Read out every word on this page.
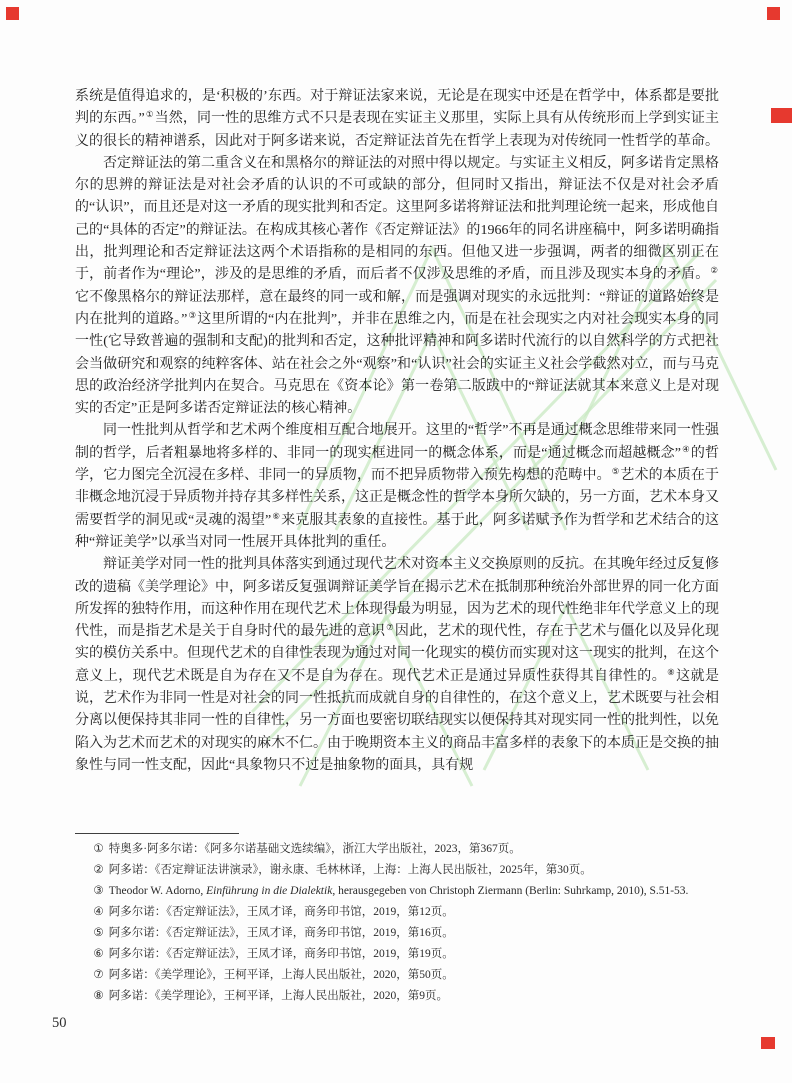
系统是值得追求的，是‘积极的’东西。对于辩证法家来说，无论是在现实中还是在哲学中，体系都是要批判的东西。”①当然，同一性的思维方式不只是表现在实证主义那里，实际上具有从传统形而上学到实证主义的很长的精神谱系，因此对于阿多诺来说，否定辩证法首先在哲学上表现为对传统同一性哲学的革命。

否定辩证法的第二重含义在和黑格尔的辩证法的对照中得以规定。与实证主义相反，阿多诺肯定黑格尔的思辨的辩证法是对社会矛盾的认识的不可或缺的部分，但同时又指出，辩证法不仅是对社会矛盾的“认识”，而且还是对这一矛盾的现实批判和否定。这里阿多诺将辩证法和批判理论统一起来，形成他自己的“具体的否定”的辩证法。在构成其核心著作《否定辩证法》的1966年的同名讲座稿中，阿多诺明确指出，批判理论和否定辩证法这两个术语指称的是相同的东西。但他又进一步强调，两者的细微区别正在于，前者作为“理论”，涉及的是思维的矛盾，而后者不仅涉及思维的矛盾，而且涉及现实本身的矛盾。②它不像黑格尔的辩证法那样，意在最终的同一或和解，而是强调对现实的永远批判：“辩证的道路始终是内在批判的道路。”③这里所谓的“内在批判”，并非在思维之内，而是在社会现实之内对社会现实本身的同一性(它导致普遍的强制和支配)的批判和否定，这种批评精神和阿多诺时代流行的以自然科学的方式把社会当做研究和观察的纯粹客体、站在社会之外“观察”和“认识”社会的实证主义社会学截然对立，而与马克思的政治经济学批判内在契合。马克思在《资本论》第一卷第二版跋中的“辩证法就其本来意义上是对现实的否定”正是阿多诺否定辩证法的核心精神。

同一性批判从哲学和艺术两个维度相互配合地展开。这里的“哲学”不再是通过概念思维带来同一性强制的哲学，后者粗暴地将多样的、非同一的现实框进同一的概念体系，而是“通过概念而超越概念”④的哲学，它力图完全沉浸在多样、非同一的异质物，而不把异质物带入预先构想的范畴中。⑤艺术的本质在于非概念地沉浸于异质物并持存其多样性关系，这正是概念性的哲学本身所欠缺的，另一方面，艺术本身又需要哲学的洞见或“灵魂的渴望”⑥来克服其表象的直接性。基于此，阿多诺赋予作为哲学和艺术结合的这种“辩证美学”以承当对同一性展开具体批判的重任。

辩证美学对同一性的批判具体落实到通过现代艺术对资本主义交换原则的反抗。在其晚年经过反复修改的遗稿《美学理论》中，阿多诺反复强调辩证美学旨在揭示艺术在抵制那种统治外部世界的同一化方面所发挥的独特作用，而这种作用在现代艺术上体现得最为明显，因为艺术的现代性绝非年代学意义上的现代性，而是指艺术是关于自身时代的最先进的意识⑦因此，艺术的现代性，存在于艺术与僵化以及异化现实的模仿关系中。但现代艺术的自律性表现为通过对同一化现实的模仿而实现对这一现实的批判，在这个意义上，现代艺术既是自为存在又不是自为存在。现代艺术正是通过异质性获得其自律性的。⑧这就是说，艺术作为非同一性是对社会的同一性抵抗而成就自身的自律性的，在这个意义上，艺术既要与社会相分离以便保持其非同一性的自律性，另一方面也要密切联结现实以便保持其对现实同一性的批判性，以免陷入为艺术而艺术的对现实的麻木不仁。由于晚期资本主义的商品丰富多样的表象下的本质正是交换的抽象性与同一性支配，因此“具象物只不过是抽象物的面具，具有规

① 特奥多·阿多尔诺：《阿多尔诺基础文选续编》，浙江大学出版社，2023，第367页。
② 阿多诺：《否定辩证法讲演录》，谢永康、毛林林译，上海：上海人民出版社，2025年，第30页。
③ Theodor W. Adorno, Einführung in die Dialektik, herausgegeben von Christoph Ziermann (Berlin: Suhrkamp, 2010), S.51-53.
④ 阿多尔诺：《否定辩证法》，王凤才译，商务印书馆，2019，第12页。
⑤ 阿多尔诺：《否定辩证法》，王凤才译，商务印书馆，2019，第16页。
⑥ 阿多尔诺：《否定辩证法》，王凤才译，商务印书馆，2019，第19页。
⑦ 阿多诺：《美学理论》，王柯平译，上海人民出版社，2020，第50页。
⑧ 阿多诺：《美学理论》，王柯平译，上海人民出版社，2020，第9页。
50
